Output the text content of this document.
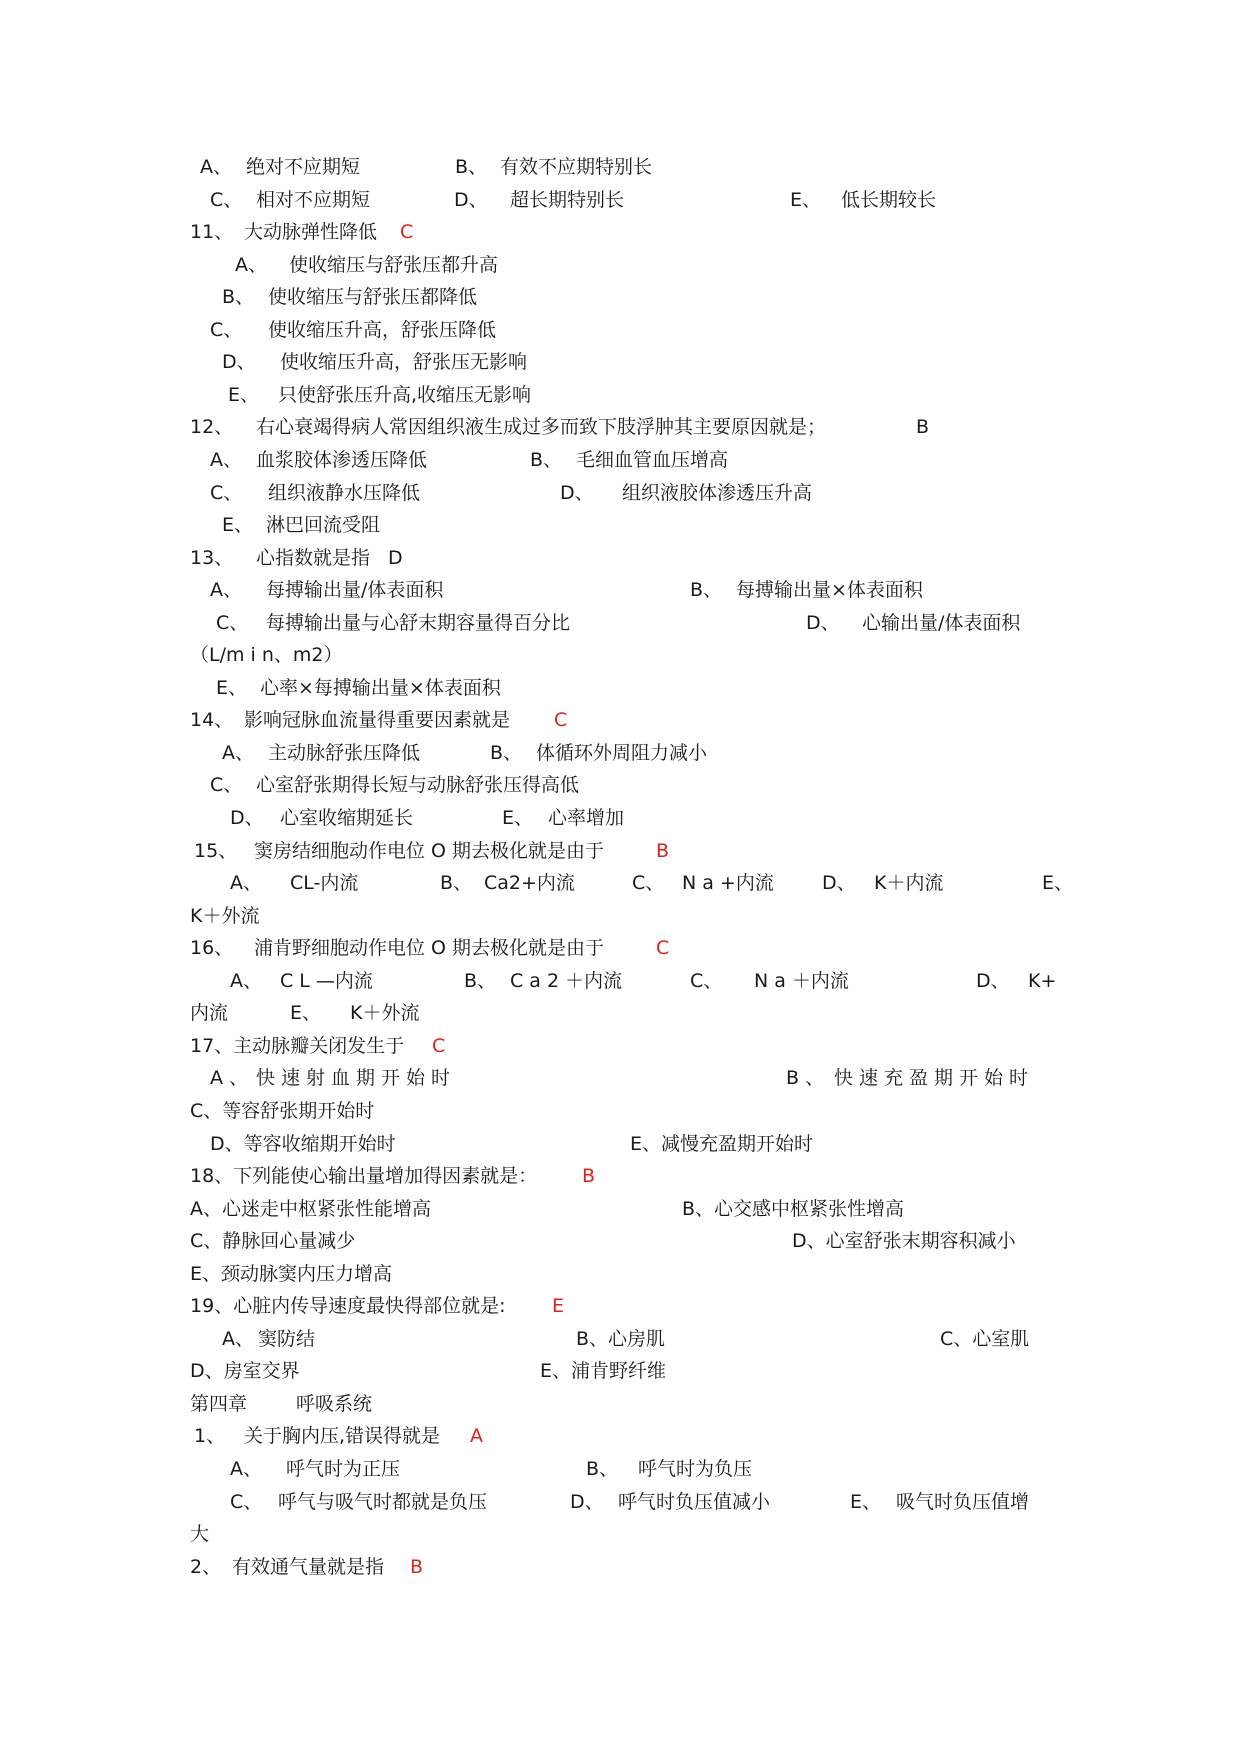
A、 绝对不应期短	B、 有效不应期特别长
C、 相对不应期短	D、 超长期特别长	E、 低长期较长
11、 大动脉弹性降低 C
A、 使收缩压与舒张压都升高
B、 使收缩压与舒张压都降低
C、 使收缩压升高，舒张压降低
D、 使收缩压升高，舒张压无影响
E、 只使舒张压升高,收缩压无影响
12、 右心衰竭得病人常因组织液生成过多而致下肢浮肿其主要原因就是；	B
A、 血浆胶体渗透压降低	B、 毛细血管血压增高
C、 组织液静水压降低	D、 组织液胶体渗透压升高
E、 淋巴回流受阻
13、 心指数就是指 D
A、 每搏输出量/体表面积	B、 每搏输出量×体表面积
C、 每搏输出量与心舒末期容量得百分比	D、 心输出量/体表面积
（L/m i n、m2）
E、 心率×每搏输出量×体表面积
14、 影响冠脉血流量得重要因素就是 C
A、 主动脉舒张压降低	B、 体循环外周阻力减小
C、 心室舒张期得长短与动脉舒张压得高低
D、 心室收缩期延长	E、 心率增加
15、 窦房结细胞动作电位 O 期去极化就是由于	B
A、 CL-内流	B、 Ca2+内流	C、 N a +内流	D、 K＋内流	E、
K＋外流
16、 浦肯野细胞动作电位 O 期去极化就是由于	C
A、 C L —内流	B、 C a 2 ＋内流	C、 N a ＋内流	D、 K+
内流	E、 K＋外流
17、主动脉瓣关闭发生于 C
A 、 快速射血期开始时	B 、 快速充盈期开始时
C、等容舒张期开始时
D、等容收缩期开始时	E、减慢充盈期开始时
18、下列能使心输出量增加得因素就是： B
A、心迷走中枢紧张性能增高	B、心交感中枢紧张性增高
C、静脉回心量减少	D、心室舒张末期容积减小
E、颈动脉窦内压力增高
19、心脏内传导速度最快得部位就是: E
A、 窦防结	B、心房肌	C、心室肌
D、房室交界	E、浦肯野纤维
第四章	呼吸系统
1、 关于胸内压,错误得就是 A
A、 呼气时为正压	B、 呼气时为负压
C、 呼气与吸气时都就是负压	D、 呼气时负压值减小	E、 吸气时负压值增
大
2、 有效通气量就是指 B
